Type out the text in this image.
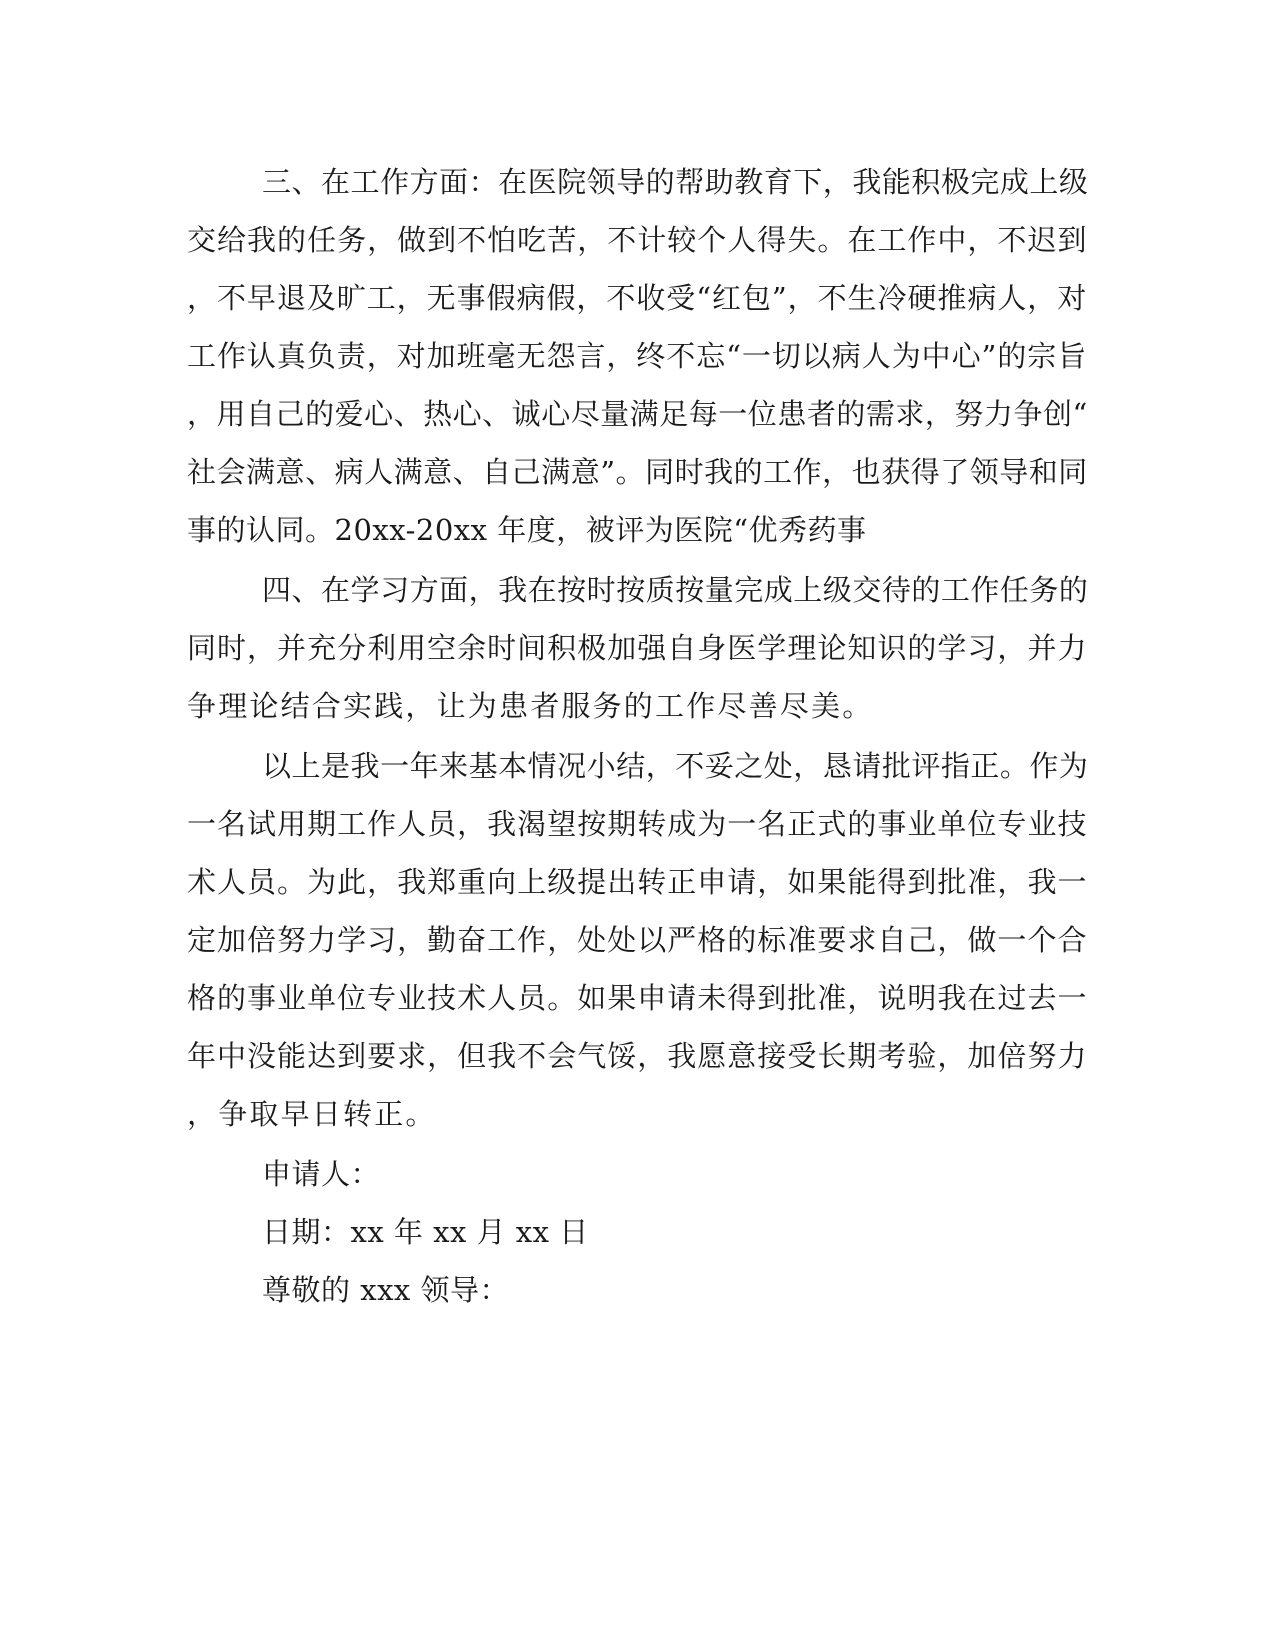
三 、 在 工 作 方 面 ： 在 医 院 领 导 的 帮 助 教 育 下 ， 我 能 积 极 完 成 上 级
交 给 我 的 任 务 ， 做 到 不 怕 吃 苦 ， 不 计 较 个 人 得 失 。 在 工 作 中 ， 不 迟 到
， 不 早 退 及 旷 工 ， 无 事 假 病 假 ， 不 收 受 “ 红 包 ” ， 不 生 冷 硬 推 病 人 ， 对
工 作 认 真 负 责 ， 对 加 班 毫 无 怨 言 ， 终 不 忘 “ 一 切 以 病 人 为 中 心 ” 的 宗 旨
， 用 自 己 的 爱 心 、 热 心 、 诚 心 尽 量 满 足 每 一 位 患 者 的 需 求 ， 努 力 争 创 “
社 会 满 意 、 病 人 满 意 、 自 己 满 意 ” 。 同 时 我 的 工 作 ， 也 获 得 了 领 导 和 同
事的认同。20xx-20xx 年度，被评为医院“优秀药事
四 、 在 学 习 方 面 ， 我 在 按 时 按 质 按 量 完 成 上 级 交 待 的 工 作 任 务 的
同 时 ， 并 充 分 利 用 空 余 时 间 积 极 加 强 自 身 医 学 理 论 知 识 的 学 习 ， 并 力
争理论结合实践，让为患者服务的工作尽善尽美。
以 上 是 我 一 年 来 基 本 情 况 小 结 ， 不 妥 之 处 ， 恳 请 批 评 指 正 。 作 为
一 名 试 用 期 工 作 人 员 ， 我 渴 望 按 期 转 成 为 一 名 正 式 的 事 业 单 位 专 业 技
术 人 员 。 为 此 ， 我 郑 重 向 上 级 提 出 转 正 申 请 ， 如 果 能 得 到 批 准 ， 我 一
定 加 倍 努 力 学 习 ， 勤 奋 工 作 ， 处 处 以 严 格 的 标 准 要 求 自 己 ， 做 一 个 合
格 的 事 业 单 位 专 业 技 术 人 员 。 如 果 申 请 未 得 到 批 准 ， 说 明 我 在 过 去 一
年 中 没 能 达 到 要 求 ， 但 我 不 会 气 馁 ， 我 愿 意 接 受 长 期 考 验 ， 加 倍 努 力
，争取早日转正。
申请人：
日期：xx 年 xx 月 xx 日
尊敬的 xxx 领导：
